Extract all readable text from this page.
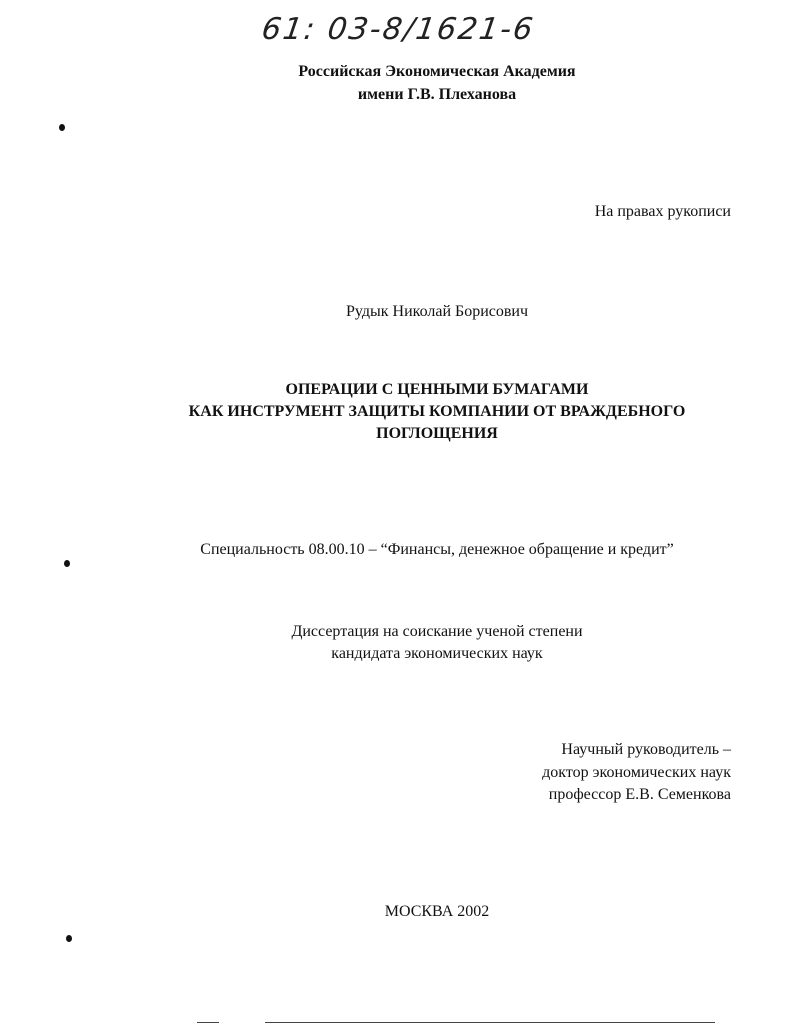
61: 03-8/1621-6
Российская Экономическая Академия
имени Г.В. Плеханова
На правах рукописи
Рудык Николай Борисович
ОПЕРАЦИИ С ЦЕННЫМИ БУМАГАМИ
КАК ИНСТРУМЕНТ ЗАЩИТЫ КОМПАНИИ ОТ ВРАЖДЕБНОГО
ПОГЛОЩЕНИЯ
Специальность 08.00.10 – “Финансы, денежное обращение и кредит”
Диссертация на соискание ученой степени
кандидата экономических наук
Научный руководитель –
доктор экономических наук
профессор Е.В. Семенкова
МОСКВА 2002
